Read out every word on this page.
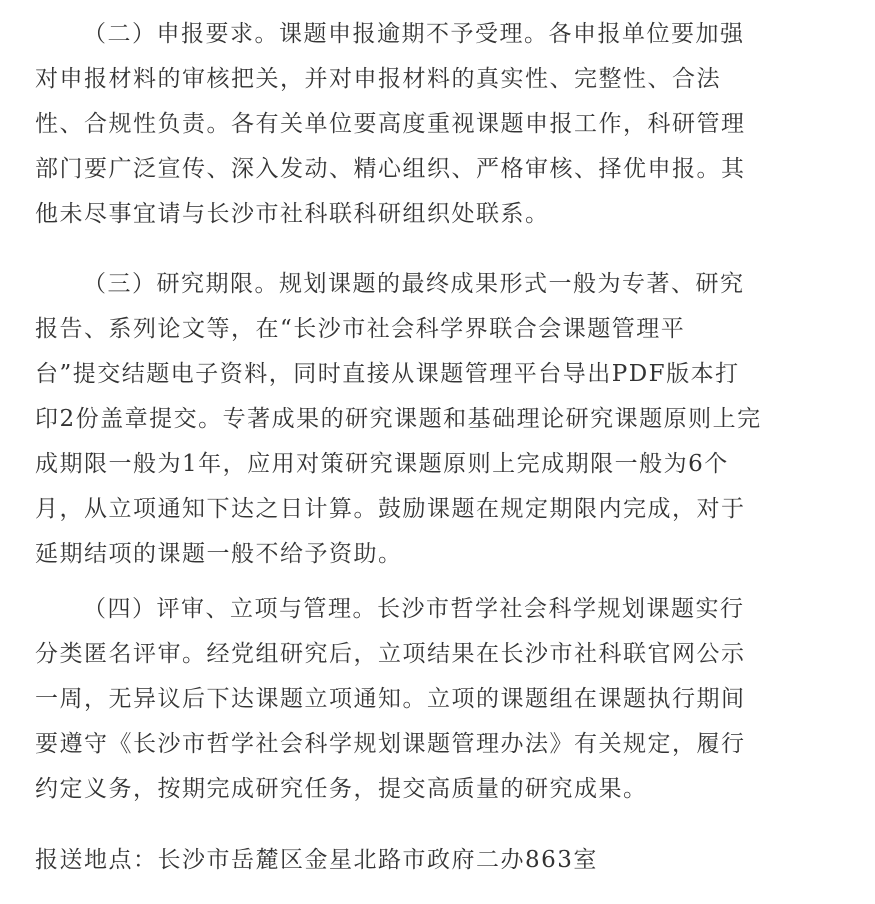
（二）申报要求。课题申报逾期不予受理。各申报单位要加强
对申报材料的审核把关，并对申报材料的真实性、完整性、合法
性、合规性负责。各有关单位要高度重视课题申报工作，科研管理
部门要广泛宣传、深入发动、精心组织、严格审核、择优申报。其
他未尽事宜请与长沙市社科联科研组织处联系。
（三）研究期限。规划课题的最终成果形式一般为专著、研究
报告、系列论文等，在“长沙市社会科学界联合会课题管理平
台”提交结题电子资料，同时直接从课题管理平台导出PDF版本打
印2份盖章提交。专著成果的研究课题和基础理论研究课题原则上完
成期限一般为1年，应用对策研究课题原则上完成期限一般为6个
月，从立项通知下达之日计算。鼓励课题在规定期限内完成，对于
延期结项的课题一般不给予资助。
（四）评审、立项与管理。长沙市哲学社会科学规划课题实行
分类匿名评审。经党组研究后，立项结果在长沙市社科联官网公示
一周，无异议后下达课题立项通知。立项的课题组在课题执行期间
要遵守《长沙市哲学社会科学规划课题管理办法》有关规定，履行
约定义务，按期完成研究任务，提交高质量的研究成果。
报送地点：长沙市岳麓区金星北路市政府二办863室
